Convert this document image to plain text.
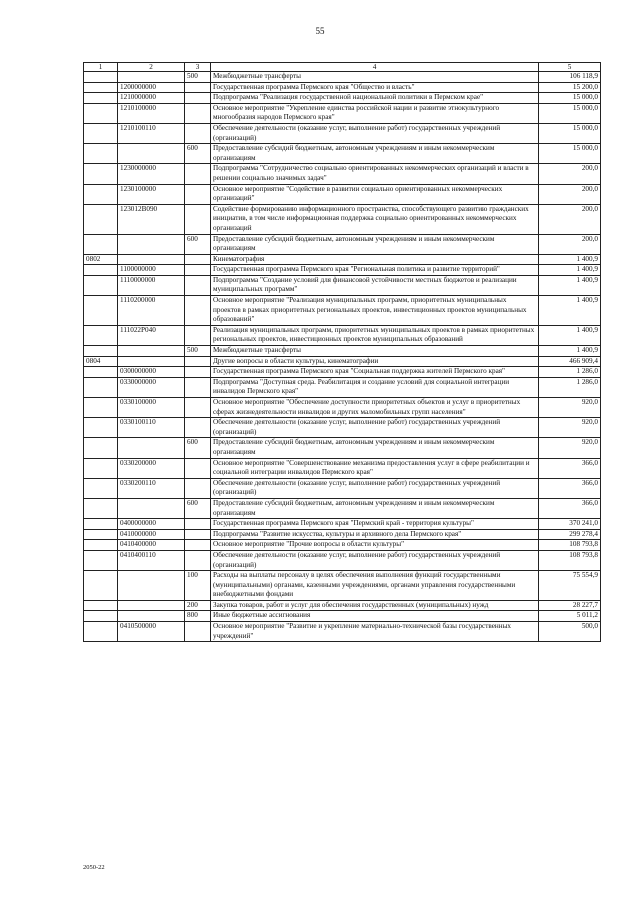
55
1	2	3	4	5
		500	Межбюджетные трансферты	106 118,9
	1200000000		Государственная программа Пермского края "Общество и власть"	15 200,0
	1210000000		Подпрограмма "Реализация государственной национальной политики в Пермском крае"	15 000,0
	1210100000		Основное мероприятие "Укрепление единства российской нации и развитие этнокультурного многообразия народов Пермского края"	15 000,0
	1210100110		Обеспечение деятельности (оказание услуг, выполнение работ) государственных учреждений (организаций)	15 000,0
		600	Предоставление субсидий бюджетным, автономным учреждениям и иным некоммерческим организациям	15 000,0
	1230000000		Подпрограмма "Сотрудничество социально ориентированных некоммерческих организаций и власти в решении социально значимых задач"	200,0
	1230100000		Основное мероприятие "Содействие в развитии социально ориентированных некоммерческих организаций"	200,0
	123012B090		Содействие формированию информационного пространства, способствующего развитию гражданских инициатив, в том числе информационная поддержка социально ориентированных некоммерческих организаций	200,0
		600	Предоставление субсидий бюджетным, автономным учреждениям и иным некоммерческим организациям	200,0
0802			Кинематография	1 400,9
	1100000000		Государственная программа Пермского края "Региональная политика и развитие территорий"	1 400,9
	1110000000		Подпрограмма "Создание условий для финансовой устойчивости местных бюджетов и реализации муниципальных программ"	1 400,9
	1110200000		Основное мероприятие "Реализация муниципальных программ, приоритетных муниципальных проектов в рамках приоритетных региональных проектов, инвестиционных проектов муниципальных образований"	1 400,9
	111022P040		Реализация муниципальных программ, приоритетных муниципальных проектов в рамках приоритетных региональных проектов, инвестиционных проектов муниципальных образований	1 400,9
		500	Межбюджетные трансферты	1 400,9
0804			Другие вопросы в области культуры, кинематографии	466 909,4
	0300000000		Государственная программа Пермского края "Социальная поддержка жителей Пермского края"	1 286,0
	0330000000		Подпрограмма "Доступная среда. Реабилитация и создание условий для социальной интеграции инвалидов Пермского края"	1 286,0
	0330100000		Основное мероприятие "Обеспечение доступности приоритетных объектов и услуг в приоритетных сферах жизнедеятельности инвалидов и других маломобильных групп населения"	920,0
	0330100110		Обеспечение деятельности (оказание услуг, выполнение работ) государственных учреждений (организаций)	920,0
		600	Предоставление субсидий бюджетным, автономным учреждениям и иным некоммерческим организациям	920,0
	0330200000		Основное мероприятие "Совершенствование механизма предоставления услуг в сфере реабилитации и социальной интеграции инвалидов Пермского края"	366,0
	0330200110		Обеспечение деятельности (оказание услуг, выполнение работ) государственных учреждений (организаций)	366,0
		600	Предоставление субсидий бюджетным, автономным учреждениям и иным некоммерческим организациям	366,0
	0400000000		Государственная программа Пермского края "Пермский край - территория культуры"	370 241,0
	0410000000		Подпрограмма "Развитие искусства, культуры и архивного дела Пермского края"	299 278,4
	0410400000		Основное мероприятие "Прочие вопросы в области культуры"	108 793,8
	0410400110		Обеспечение деятельности (оказание услуг, выполнение работ) государственных учреждений (организаций)	108 793,8
		100	Расходы на выплаты персоналу в целях обеспечения выполнения функций государственными (муниципальными) органами, казенными учреждениями, органами управления государственными внебюджетными фондами	75 554,9
		200	Закупка товаров, работ и услуг для обеспечения государственных (муниципальных) нужд	28 227,7
		800	Иные бюджетные ассигнования	5 011,2
	0410500000		Основное мероприятие "Развитие и укрепление материально-технической базы государственных учреждений"	500,0
2050-22
